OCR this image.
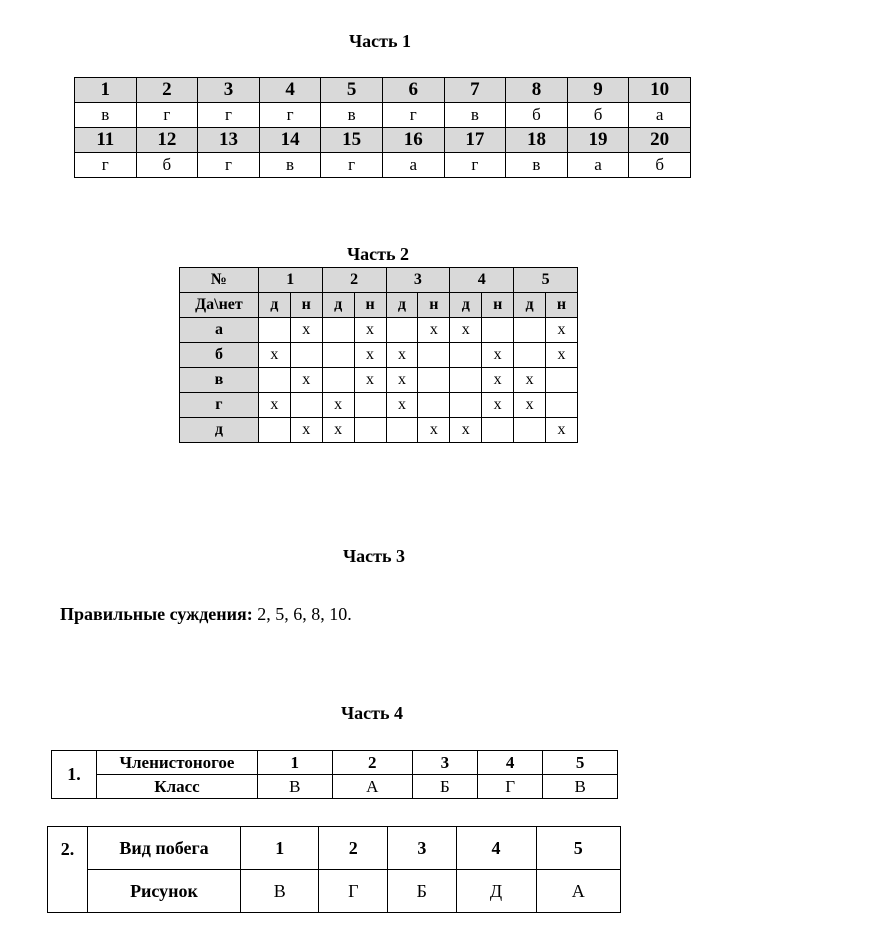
Часть 1
1	2	3	4	5	6	7	8	9	10
в	г	г	г	в	г	в	б	б	а
11	12	13	14	15	16	17	18	19	20
г	б	г	в	г	а	г	в	а	б
Часть 2
№	1		2		3		4		5	
Да\нет	д	н	д	н	д	н	д	н	д	н
а		х		х		х	х			х
б	х			х	х			х		х
в		х		х	х			х	х	
г	х		х		х			х	х	
д		х	х			х	х			х
Часть 3
Правильные суждения: 2, 5, 6, 8, 10.
Часть 4
1.	Членистоногое	1	2	3	4	5
	Класс	В	А	Б	Г	В
2.	Вид побега	1	2	3	4	5
	Рисунок	В	Г	Б	Д	А
